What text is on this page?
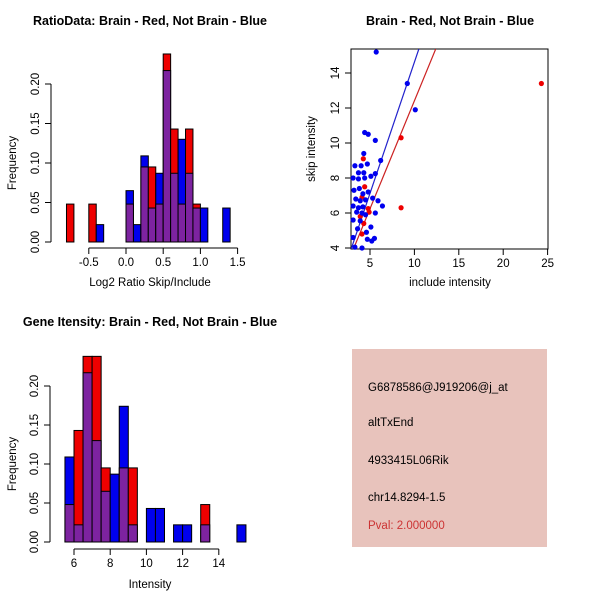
0.00
0.05
0.10
0.15
0.20
-0.5 0.0 0.5 1.0 1.5	5	10	15	20	25
4
6
8
10
12
14
0.00
0.05
0.10
0.15
0.20
6	8 10 12 14
RatioData: Brain - Red, Not Brain - Blue
Log2 Ratio Skip/Include
Frequency
Brain - Red, Not Brain - Blue
include intensity
skip intensity
Gene Itensity: Brain - Red, Not Brain - Blue
Intensity
Frequency
G6878586@J919206@j_at
altTxEnd
4933415L06Rik
chr14.8294-1.5
Pval: 2.000000
